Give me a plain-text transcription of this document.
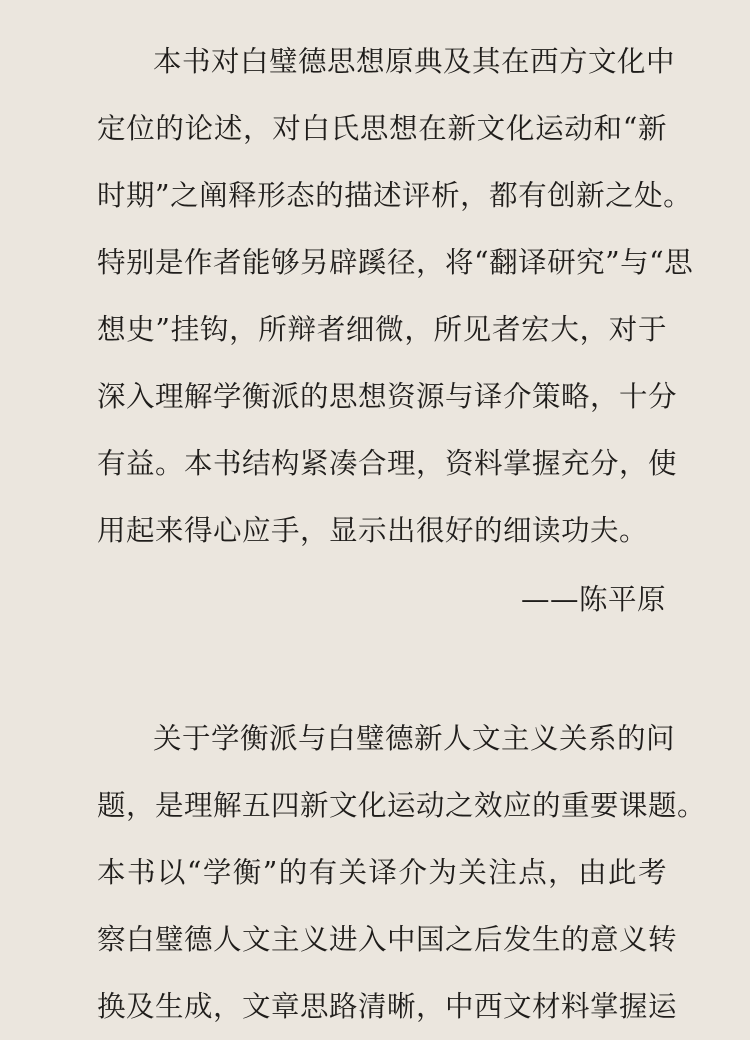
本书对白璧德思想原典及其在西方文化中
定位的论述，对白氏思想在新文化运动和“新
时期”之阐释形态的描述评析，都有创新之处。
特别是作者能够另辟蹊径，将“翻译研究”与“思
想史”挂钩，所辩者细微，所见者宏大，对于
深入理解学衡派的思想资源与译介策略，十分
有益。本书结构紧凑合理，资料掌握充分，使
用起来得心应手，显示出很好的细读功夫。
——陈平原
关于学衡派与白璧德新人文主义关系的问
题，是理解五四新文化运动之效应的重要课题。
本书以“学衡”的有关译介为关注点，由此考
察白璧德人文主义进入中国之后发生的意义转
换及生成，文章思路清晰，中西文材料掌握运
